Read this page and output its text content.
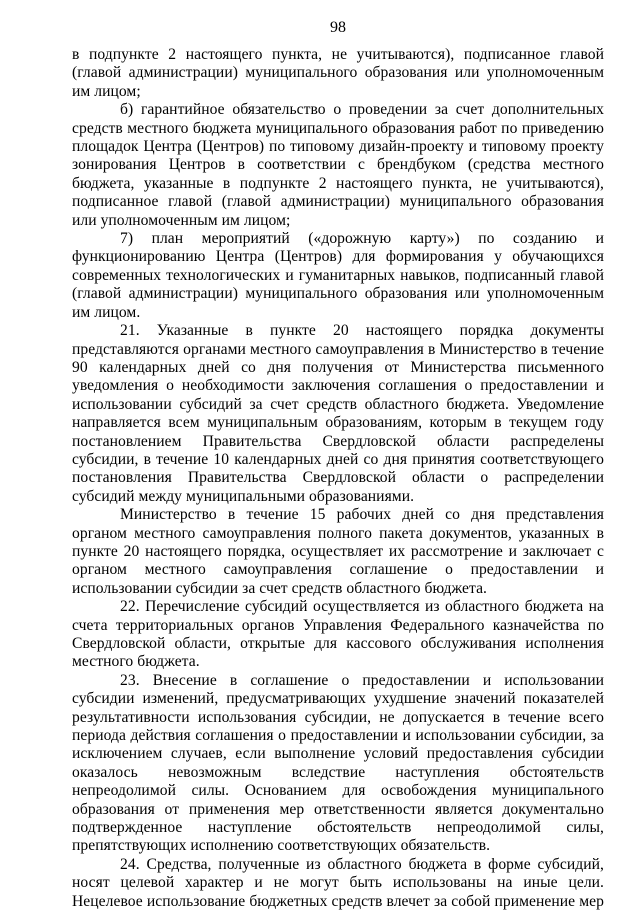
98

в подпункте 2 настоящего пункта, не учитываются), подписанное главой (главой администрации) муниципального образования или уполномоченным им лицом;

б) гарантийное обязательство о проведении за счет дополнительных средств местного бюджета муниципального образования работ по приведению площадок Центра (Центров) по типовому дизайн-проекту и типовому проекту зонирования Центров в соответствии с брендбуком (средства местного бюджета, указанные в подпункте 2 настоящего пункта, не учитываются), подписанное главой (главой администрации) муниципального образования или уполномоченным им лицом;

7) план мероприятий («дорожную карту») по созданию и функционированию Центра (Центров) для формирования у обучающихся современных технологических и гуманитарных навыков, подписанный главой (главой администрации) муниципального образования или уполномоченным им лицом.

21. Указанные в пункте 20 настоящего порядка документы представляются органами местного самоуправления в Министерство в течение 90 календарных дней со дня получения от Министерства письменного уведомления о необходимости заключения соглашения о предоставлении и использовании субсидий за счет средств областного бюджета. Уведомление направляется всем муниципальным образованиям, которым в текущем году постановлением Правительства Свердловской области распределены субсидии, в течение 10 календарных дней со дня принятия соответствующего постановления Правительства Свердловской области о распределении субсидий между муниципальными образованиями.

Министерство в течение 15 рабочих дней со дня представления органом местного самоуправления полного пакета документов, указанных в пункте 20 настоящего порядка, осуществляет их рассмотрение и заключает с органом местного самоуправления соглашение о предоставлении и использовании субсидии за счет средств областного бюджета.

22. Перечисление субсидий осуществляется из областного бюджета на счета территориальных органов Управления Федерального казначейства по Свердловской области, открытые для кассового обслуживания исполнения местного бюджета.

23. Внесение в соглашение о предоставлении и использовании субсидии изменений, предусматривающих ухудшение значений показателей результативности использования субсидии, не допускается в течение всего периода действия соглашения о предоставлении и использовании субсидии, за исключением случаев, если выполнение условий предоставления субсидии оказалось невозможным вследствие наступления обстоятельств непреодолимой силы. Основанием для освобождения муниципального образования от применения мер ответственности является документально подтвержденное наступление обстоятельств непреодолимой силы, препятствующих исполнению соответствующих обязательств.

24. Средства, полученные из областного бюджета в форме субсидий, носят целевой характер и не могут быть использованы на иные цели. Нецелевое использование бюджетных средств влечет за собой применение мер
